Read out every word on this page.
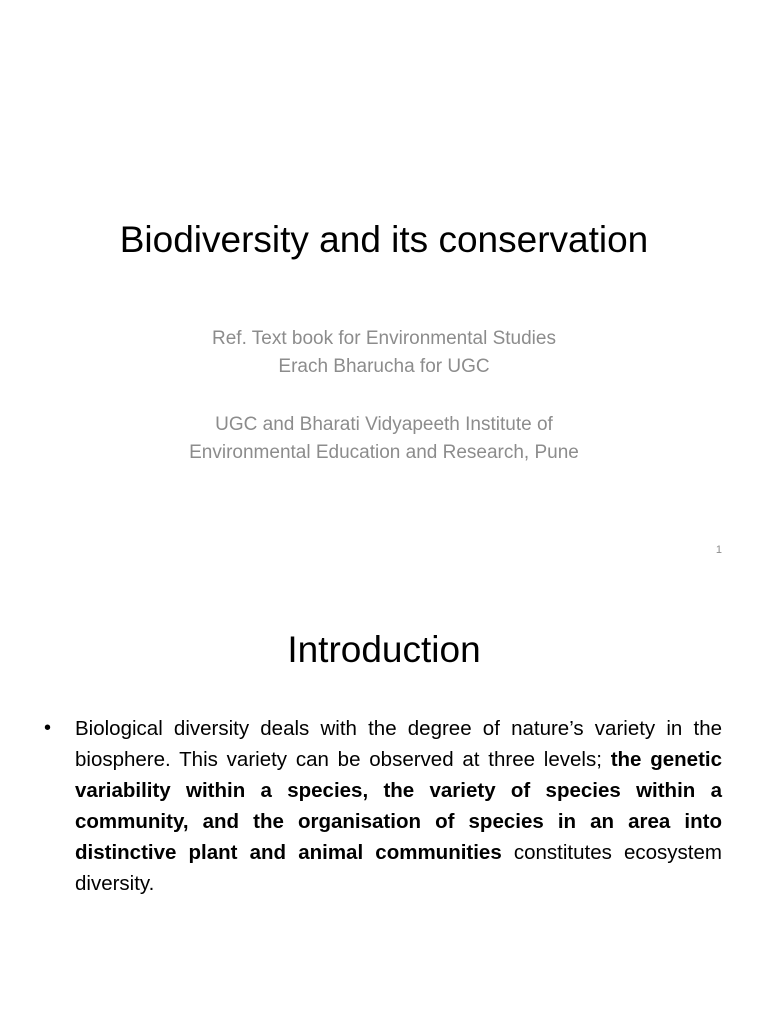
Biodiversity and its conservation
Ref. Text book for Environmental Studies
Erach Bharucha for UGC
UGC and Bharati Vidyapeeth Institute of
Environmental Education and Research, Pune
1
Introduction
• Biological diversity deals with the degree of nature’s variety in the biosphere. This variety can be observed at three levels; the genetic variability within a species, the variety of species within a community, and the organisation of species in an area into distinctive plant and animal communities constitutes ecosystem diversity.
